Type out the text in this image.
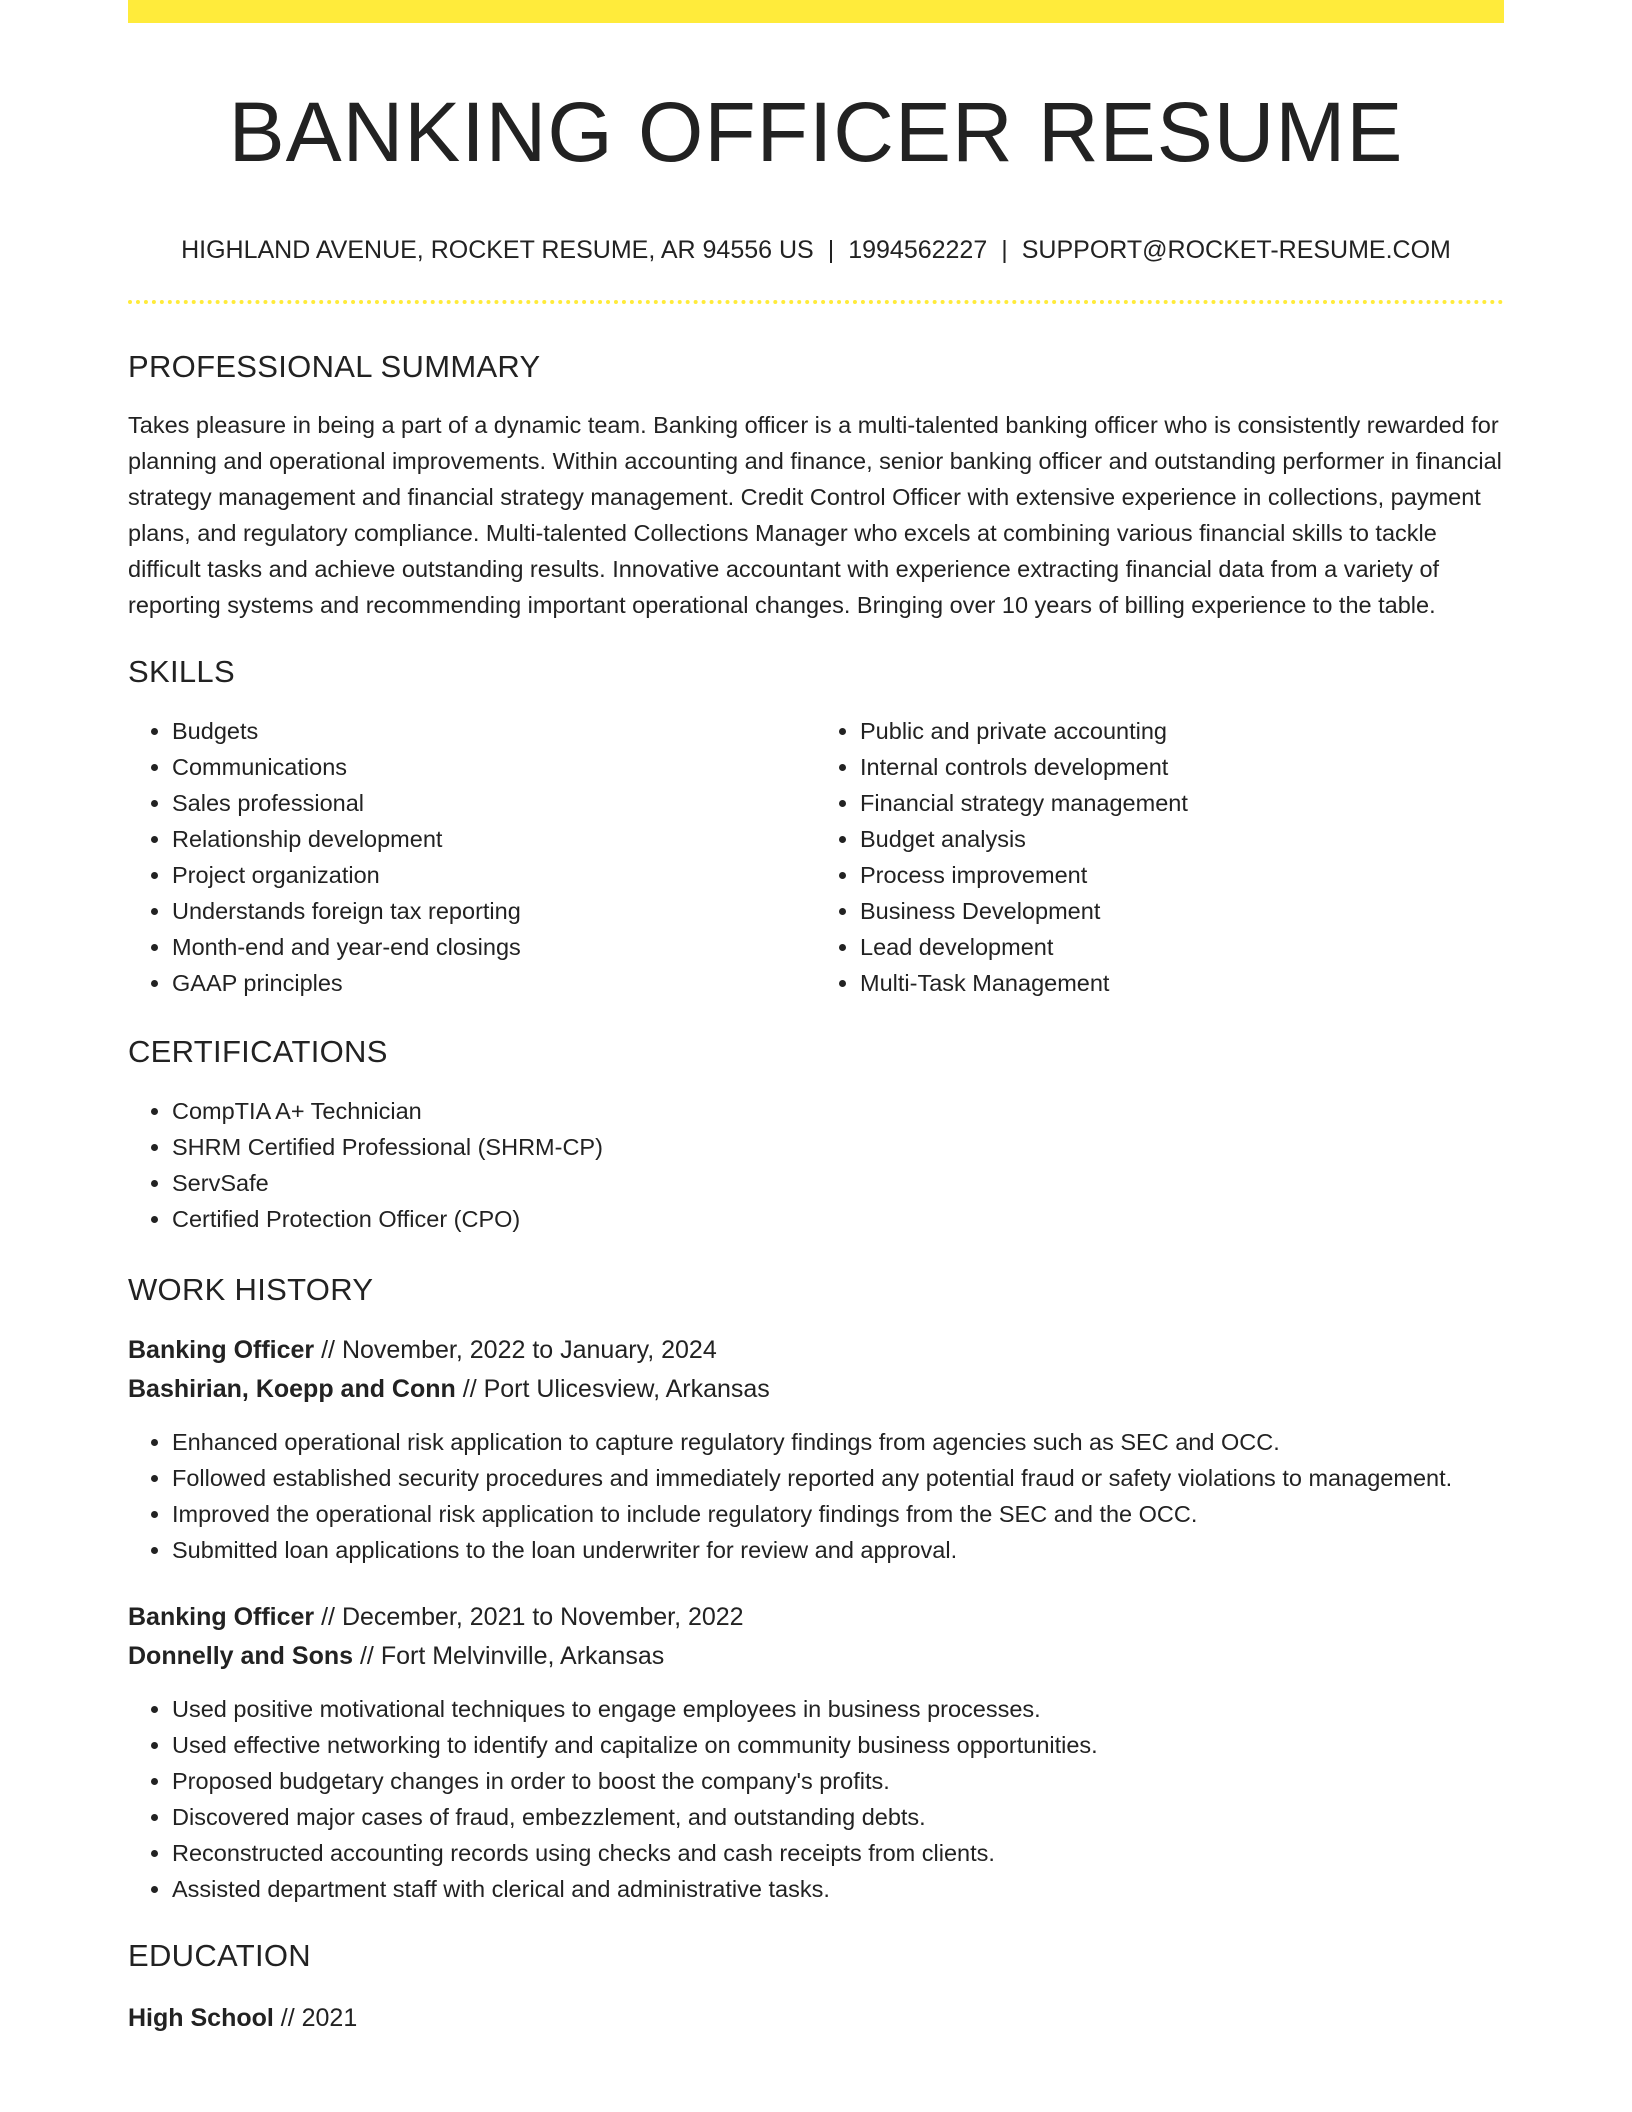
BANKING OFFICER RESUME
HIGHLAND AVENUE, ROCKET RESUME, AR 94556 US | 1994562227 | SUPPORT@ROCKET-RESUME.COM
PROFESSIONAL SUMMARY

Takes pleasure in being a part of a dynamic team. Banking officer is a multi-talented banking officer who is consistently rewarded for planning and operational improvements. Within accounting and finance, senior banking officer and outstanding performer in financial strategy management and financial strategy management. Credit Control Officer with extensive experience in collections, payment plans, and regulatory compliance. Multi-talented Collections Manager who excels at combining various financial skills to tackle difficult tasks and achieve outstanding results. Innovative accountant with experience extracting financial data from a variety of reporting systems and recommending important operational changes. Bringing over 10 years of billing experience to the table.

SKILLS
• Budgets
• Communications
• Sales professional
• Relationship development
• Project organization
• Understands foreign tax reporting
• Month-end and year-end closings
• GAAP principles
• Public and private accounting
• Internal controls development
• Financial strategy management
• Budget analysis
• Process improvement
• Business Development
• Lead development
• Multi-Task Management
CERTIFICATIONS
• CompTIA A+ Technician
• SHRM Certified Professional (SHRM-CP)
• ServSafe
• Certified Protection Officer (CPO)
WORK HISTORY
Banking Officer // November, 2022 to January, 2024
Bashirian, Koepp and Conn // Port Ulicesview, Arkansas
• Enhanced operational risk application to capture regulatory findings from agencies such as SEC and OCC.
• Followed established security procedures and immediately reported any potential fraud or safety violations to management.
• Improved the operational risk application to include regulatory findings from the SEC and the OCC.
• Submitted loan applications to the loan underwriter for review and approval.
Banking Officer // December, 2021 to November, 2022
Donnelly and Sons // Fort Melvinville, Arkansas
• Used positive motivational techniques to engage employees in business processes.
• Used effective networking to identify and capitalize on community business opportunities.
• Proposed budgetary changes in order to boost the company's profits.
• Discovered major cases of fraud, embezzlement, and outstanding debts.
• Reconstructed accounting records using checks and cash receipts from clients.
• Assisted department staff with clerical and administrative tasks.
EDUCATION
High School // 2021
